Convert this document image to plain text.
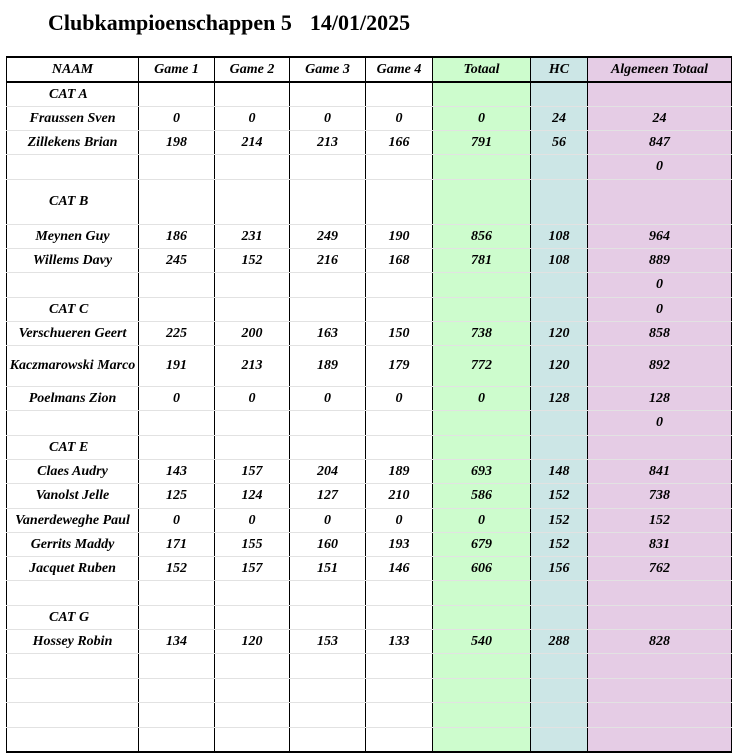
Clubkampioenschappen 5 14/01/2025
NAAM	Game 1	Game 2	Game 3	Game 4	Totaal	HC	Algemeen Totaal
CAT A							
Fraussen Sven	0	0	0	0	0	24	24
Zillekens Brian	198	214	213	166	791	56	847
							0
CAT B							
Meynen Guy	186	231	249	190	856	108	964
Willems Davy	245	152	216	168	781	108	889
							0
CAT C							0
Verschueren Geert	225	200	163	150	738	120	858
Kaczmarowski Marco	191	213	189	179	772	120	892
Poelmans Zion	0	0	0	0	0	128	128
							0
CAT E							
Claes Audry	143	157	204	189	693	148	841
Vanolst Jelle	125	124	127	210	586	152	738
Vanerdeweghe Paul	0	0	0	0	0	152	152
Gerrits Maddy	171	155	160	193	679	152	831
Jacquet Ruben	152	157	151	146	606	156	762

CAT G							
Hossey Robin	134	120	153	133	540	288	828
